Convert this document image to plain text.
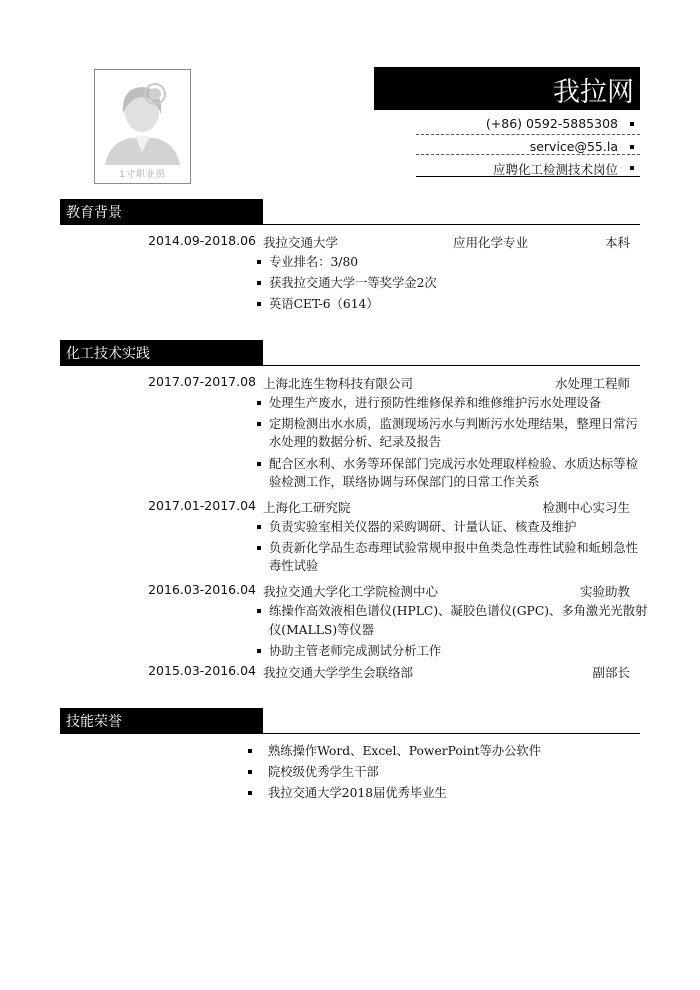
1寸职业照
我拉网
(+86) 0592-5885308
service@55.la
应聘化工检测技术岗位
教育背景
2014.09-2018.06 我拉交通大学	应用化学专业	本科
专业排名：3/80
获我拉交通大学一等奖学金2次
英语CET-6（614）
化工技术实践
2017.07-2017.08 上海北连生物科技有限公司	水处理工程师
处理生产废水，进行预防性维修保养和维修维护污水处理设备
定期检测出水水质，监测现场污水与判断污水处理结果，整理日常污
水处理的数据分析、纪录及报告
配合区水利、水务等环保部门完成污水处理取样检验、水质达标等检
验检测工作，联络协调与环保部门的日常工作关系
2017.01-2017.04 上海化工研究院	检测中心实习生
负责实验室相关仪器的采购调研、计量认证、核查及维护
负责新化学品生态毒理试验常规申报中鱼类急性毒性试验和蚯蚓急性
毒性试验
2016.03-2016.04 我拉交通大学化工学院检测中心	实验助教
练操作高效液相色谱仪(HPLC)、凝胶色谱仪(GPC)、多角激光光散射
仪(MALLS)等仪器
协助主管老师完成测试分析工作
2015.03-2016.04 我拉交通大学学生会联络部	副部长
技能荣誉
熟练操作Word、Excel、PowerPoint等办公软件
院校级优秀学生干部
我拉交通大学2018届优秀毕业生
